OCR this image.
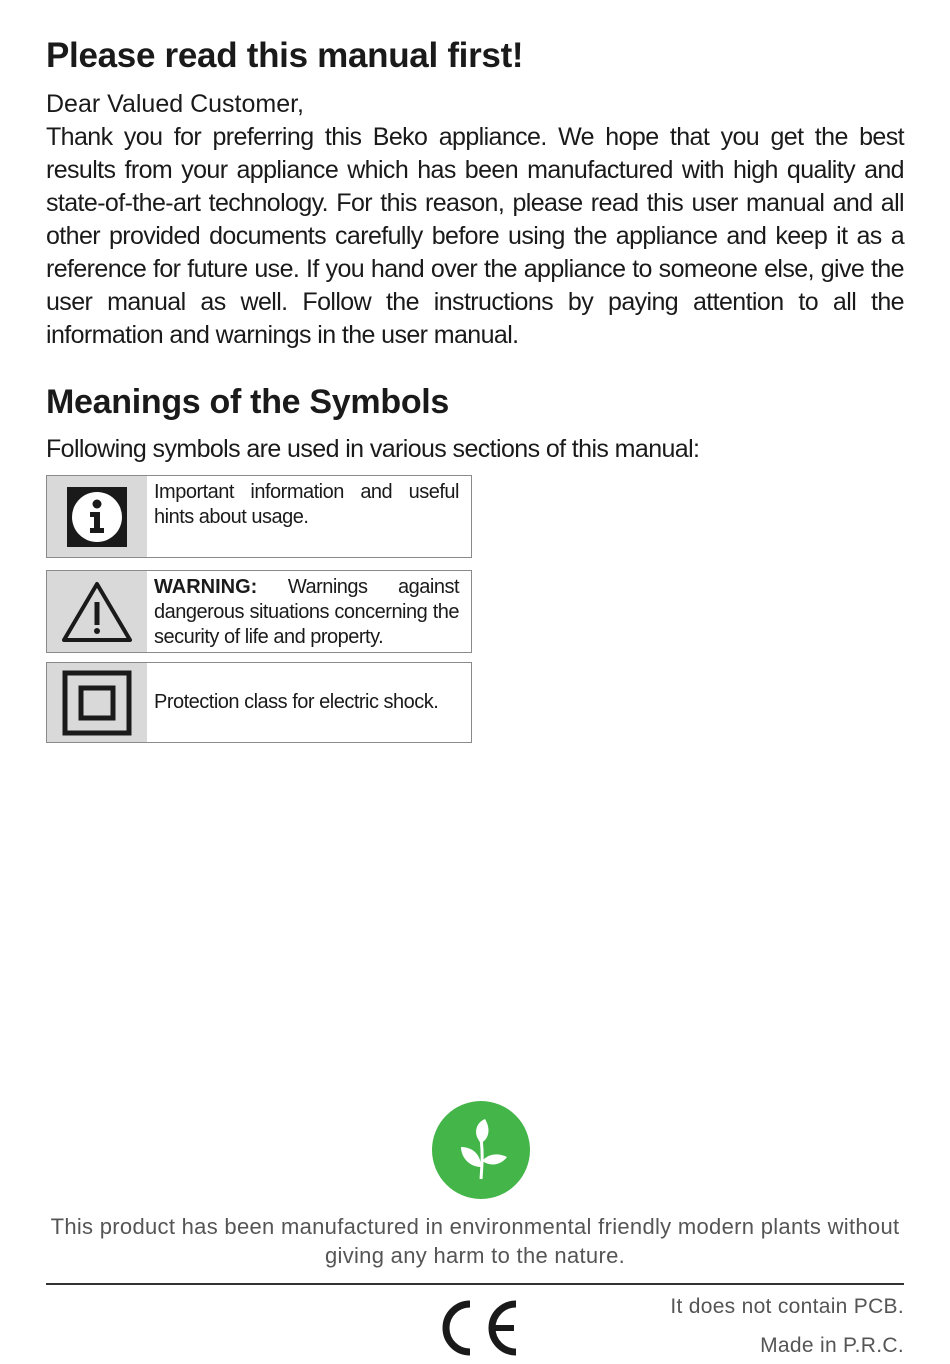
Please read this manual first!

Dear Valued Customer,

Thank you for preferring this Beko appliance. We hope that you get the best results from your appliance which has been manufactured with high quality and state-of-the-art technology. For this reason, please read this user manual and all other provided documents carefully before using the appliance and keep it as a reference for future use. If you hand over the appliance to someone else, give the user manual as well. Follow the instructions by paying attention to all the information and warnings in the user manual.

Meanings of the Symbols

Following symbols are used in various sections of this manual:

Important information and useful hints about usage.
WARNING: Warnings against dangerous situations concerning the security of life and property.
Protection class for electric shock.

This product has been manufactured in environmental friendly modern plants without giving any harm to the nature.

It does not contain PCB.

Made in P.R.C.
